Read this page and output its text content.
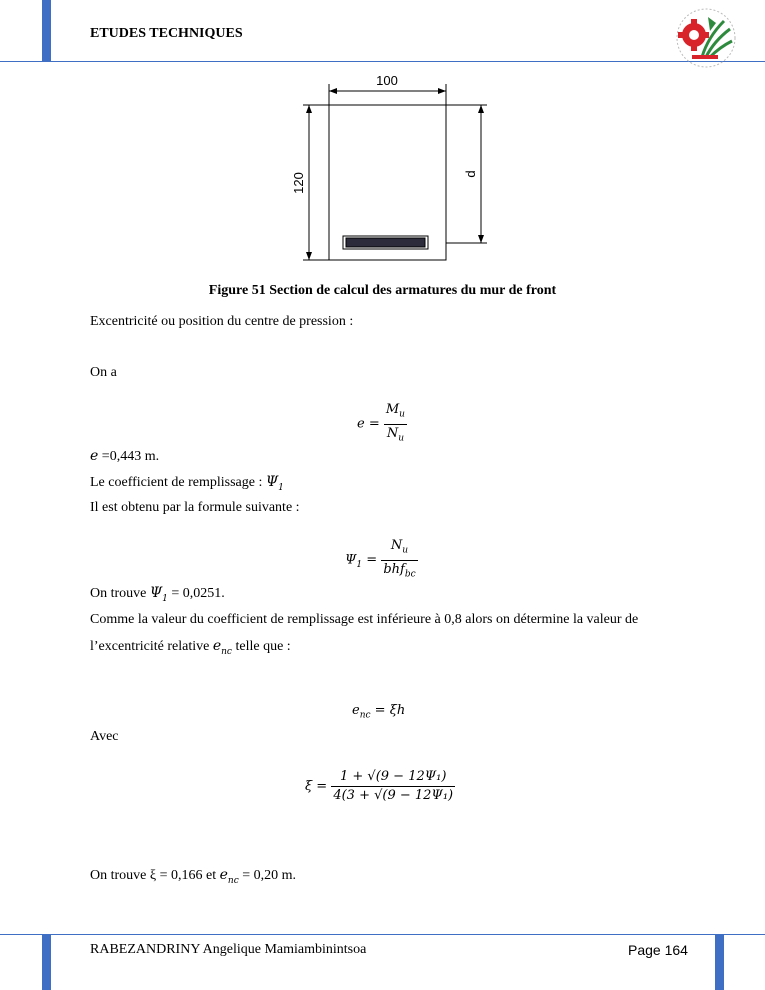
ETUDES TECHNIQUES
100
120	d
Figure 51 Section de calcul des armatures du mur de front
Excentricité ou position du centre de pression :
On a
$e = \frac{M_u}{N_u}$
e =0,443 m.
Le coefficient de remplissage : $\Psi_1$
Il est obtenu par la formule suivante :
$\Psi_1 = \frac{N_u}{bhf_{bc}}$
On trouve $\Psi_1 = 0,0251$.
Comme la valeur du coefficient de remplissage est inférieure à 0,8 alors on détermine la valeur de
l’excentricité relative $e_{nc}$ telle que :
$e_{nc} = \xi h$
Avec
$\xi = \frac{\text{1 + √(9 − 12Ψ₁)}}{\text{4(3 + √(9 − 12Ψ₁)}}$
On trouve ξ = 0,166 et $e_{nc} = 0,20$ m.
RABEZANDRINY Angelique Mamiambinintsoa	Page 164
